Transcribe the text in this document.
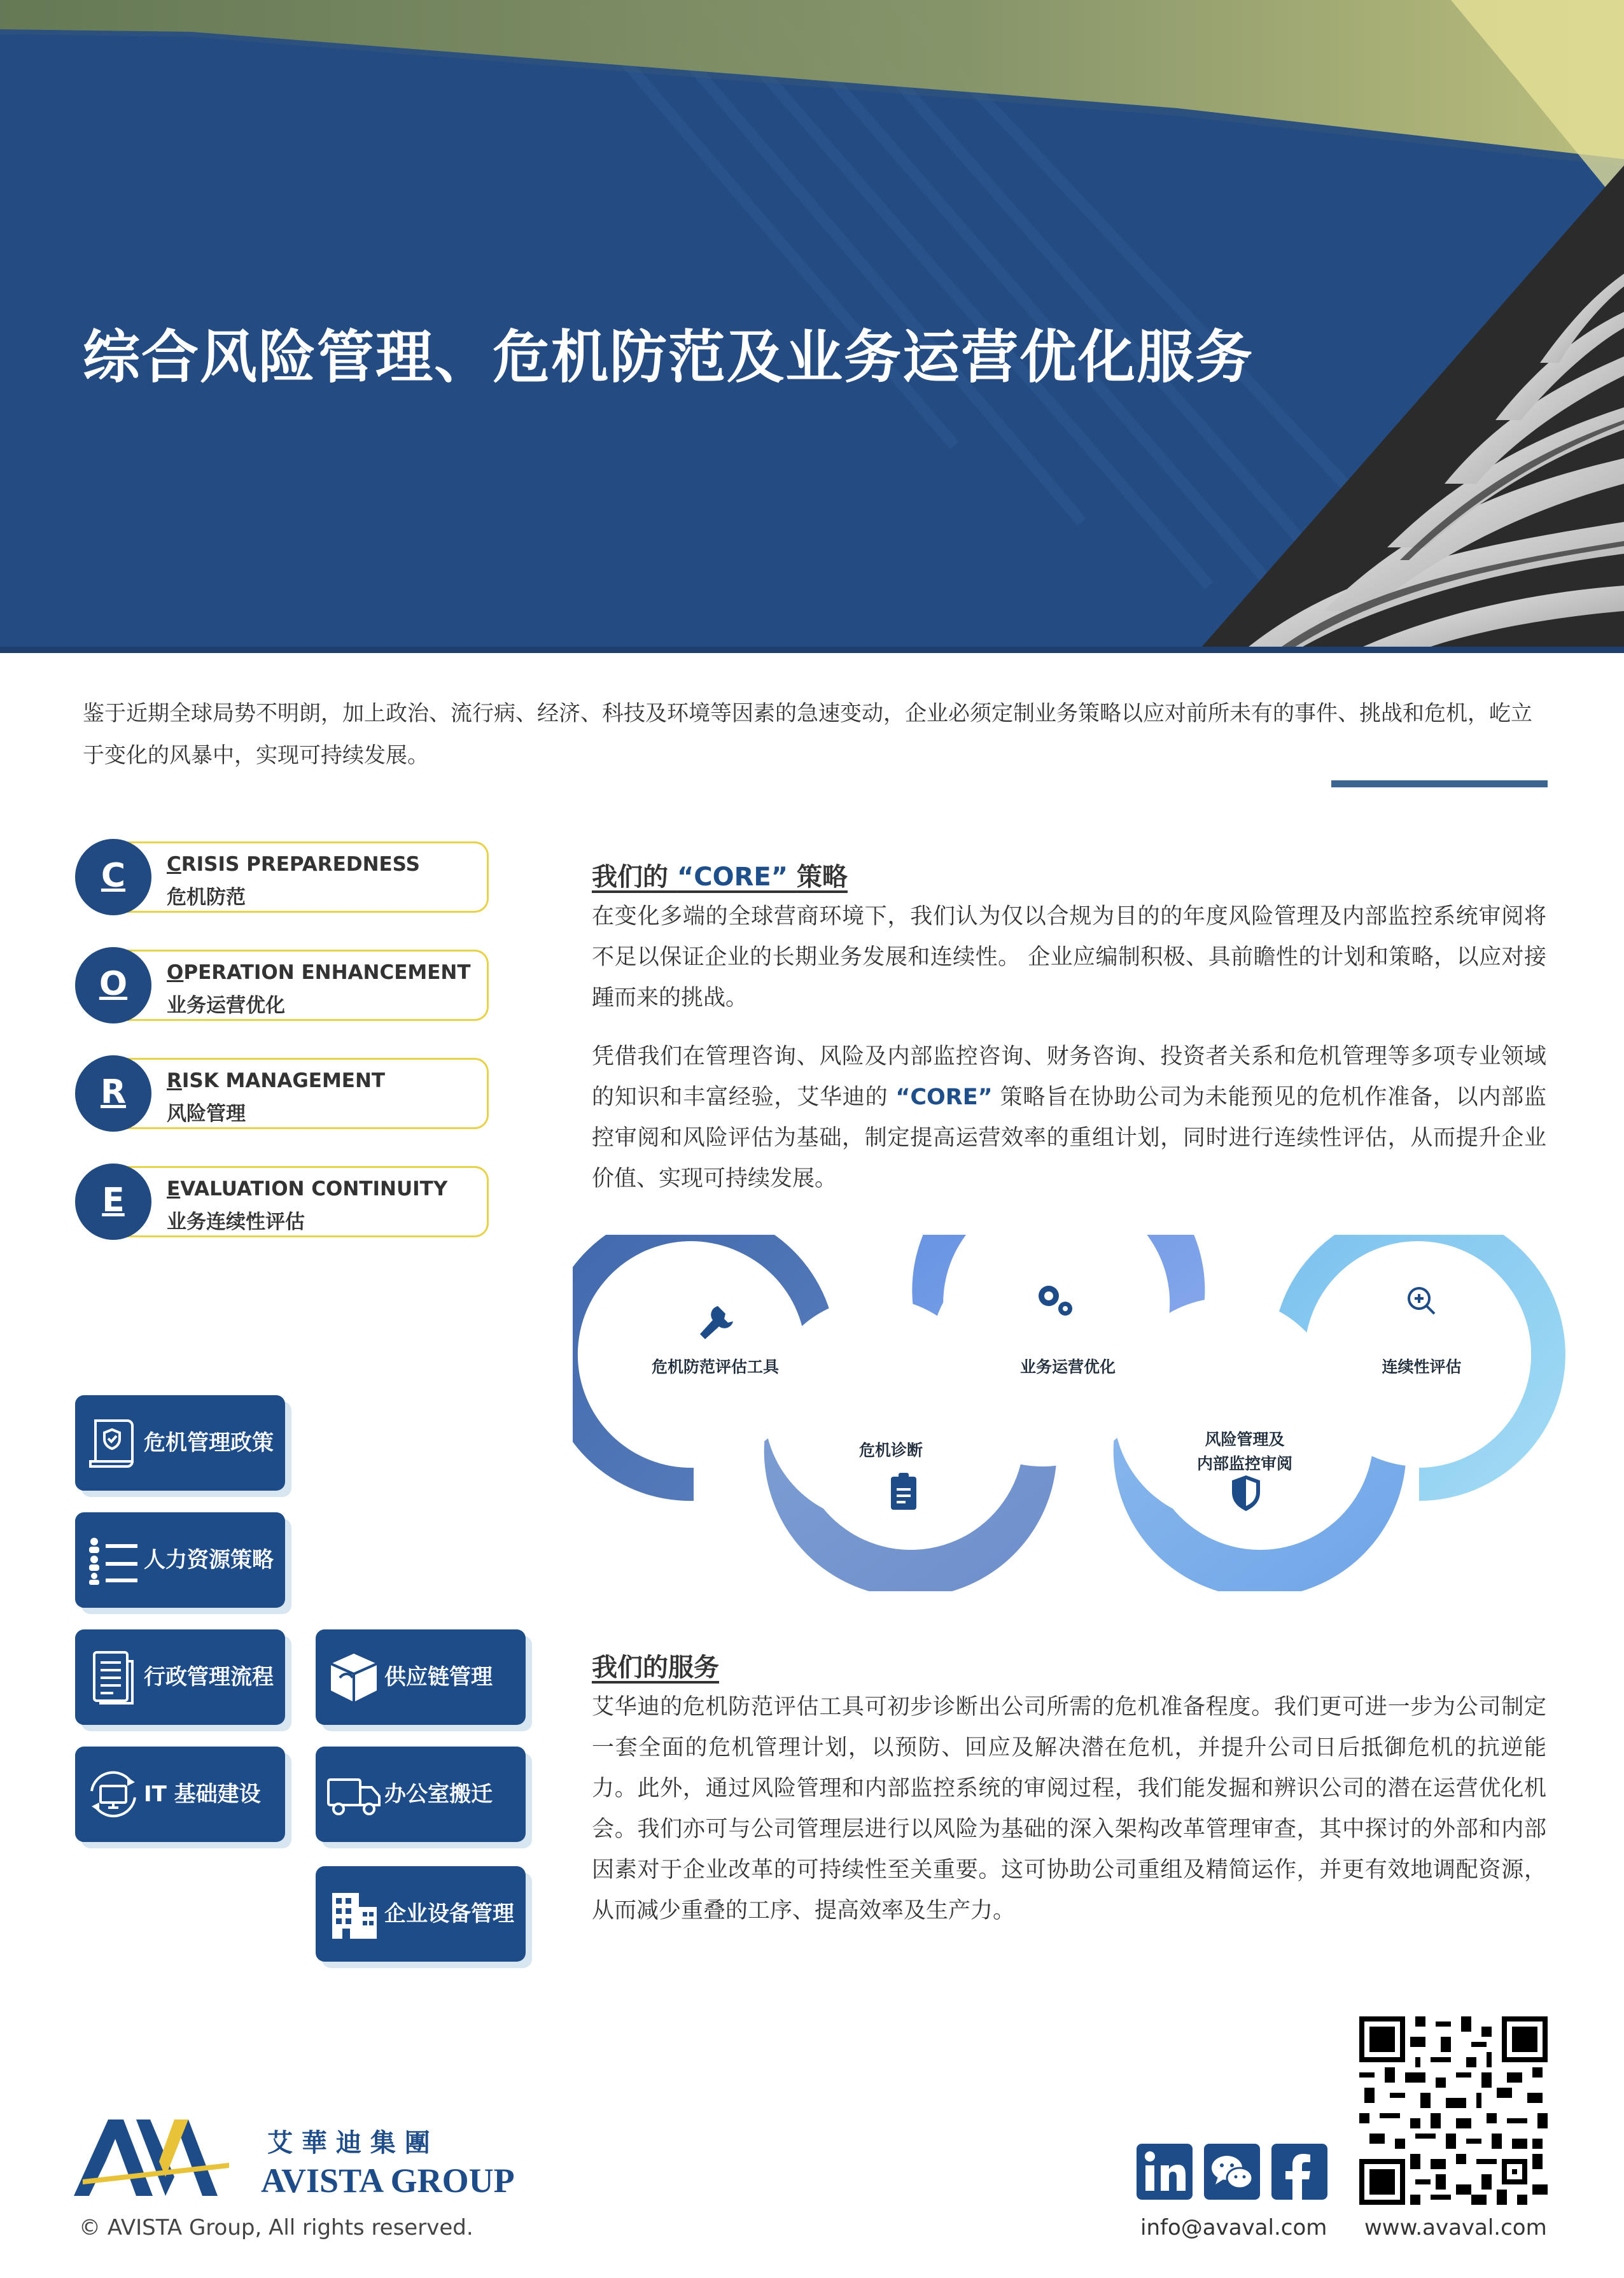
综合风险管理、危机防范及业务运营优化服务
鉴于近期全球局势不明朗，加上政治、流行病、经济、科技及环境等因素的急速变动，企业必须定制业务策略以应对前所未有的事件、挑战和危机，屹立于变化的风暴中，实现可持续发展。
C	CRISIS PREPAREDNESS
危机防范
O	OPERATION ENHANCEMENT
业务运营优化
R	RISK MANAGEMENT
风险管理
E	EVALUATION CONTINUITY
业务连续性评估
危机管理政策
人力资源策略
行政管理流程	供应链管理
IT 基础建设	办公室搬迁
企业设备管理
我们的 “CORE” 策略
在变化多端的全球营商环境下，我们认为仅以合规为目的的年度风险管理及内部监控系统审阅将不足以保证企业的长期业务发展和连续性。 企业应编制积极、具前瞻性的计划和策略，以应对接踵而来的挑战。
凭借我们在管理咨询、风险及内部监控咨询、财务咨询、投资者关系和危机管理等多项专业领域的知识和丰富经验，艾华迪的 “CORE” 策略旨在协助公司为未能预见的危机作准备，以内部监控审阅和风险评估为基础，制定提高运营效率的重组计划，同时进行连续性评估，从而提升企业价值、实现可持续发展。
危机防范评估工具
危机诊断
业务运营优化
风险管理及
内部监控审阅
连续性评估
我们的服务
艾华迪的危机防范评估工具可初步诊断出公司所需的危机准备程度。我们更可进一步为公司制定一套全面的危机管理计划，以预防、回应及解决潜在危机，并提升公司日后抵御危机的抗逆能力。此外，通过风险管理和内部监控系统的审阅过程，我们能发掘和辨识公司的潜在运营优化机会。我们亦可与公司管理层进行以风险为基础的深入架构改革管理审查，其中探讨的外部和内部因素对于企业改革的可持续性至关重要。这可协助公司重组及精简运作，并更有效地调配资源，从而减少重叠的工序、提高效率及生产力。
艾 華 迪 集 團
AVISTA GROUP
© AVISTA Group, All rights reserved.	info@avaval.com www.avaval.com
